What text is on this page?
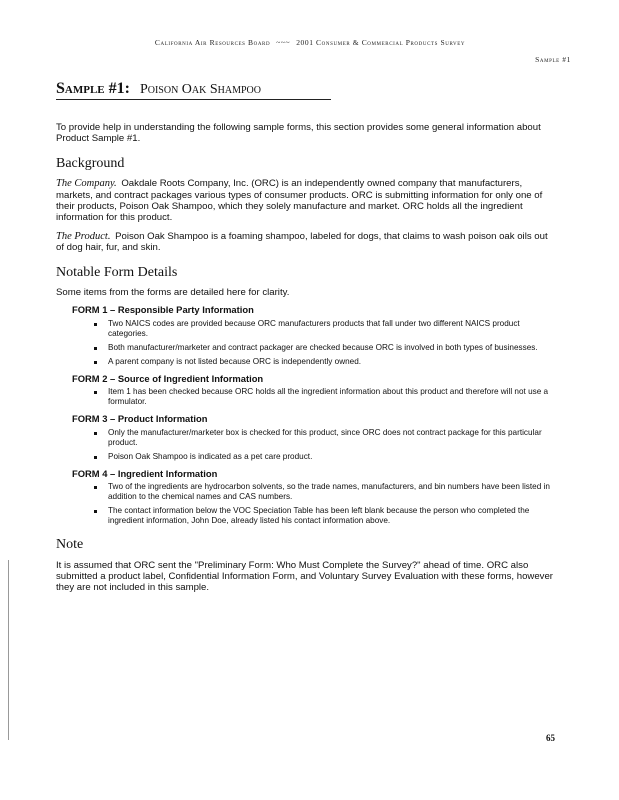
California Air Resources Board ~~~ 2001 Consumer & Commercial Products Survey
Sample #1
Sample #1: Poison Oak Shampoo

To provide help in understanding the following sample forms, this section provides some general information about Product Sample #1.

Background

The Company. Oakdale Roots Company, Inc. (ORC) is an independently owned company that manufacturers, markets, and contract packages various types of consumer products. ORC is submitting information for only one of their products, Poison Oak Shampoo, which they solely manufacture and market. ORC holds all the ingredient information for this product.

The Product. Poison Oak Shampoo is a foaming shampoo, labeled for dogs, that claims to wash poison oak oils out of dog hair, fur, and skin.

Notable Form Details

Some items from the forms are detailed here for clarity.

FORM 1 – Responsible Party Information
Two NAICS codes are provided because ORC manufacturers products that fall under two different NAICS product categories.
Both manufacturer/marketer and contract packager are checked because ORC is involved in both types of businesses.
A parent company is not listed because ORC is independently owned.
FORM 2 – Source of Ingredient Information
Item 1 has been checked because ORC holds all the ingredient information about this product and therefore will not use a formulator.
FORM 3 – Product Information
Only the manufacturer/marketer box is checked for this product, since ORC does not contract package for this particular product.
Poison Oak Shampoo is indicated as a pet care product.
FORM 4 – Ingredient Information
Two of the ingredients are hydrocarbon solvents, so the trade names, manufacturers, and bin numbers have been listed in addition to the chemical names and CAS numbers.
The contact information below the VOC Speciation Table has been left blank because the person who completed the ingredient information, John Doe, already listed his contact information above.
Note

It is assumed that ORC sent the "Preliminary Form: Who Must Complete the Survey?" ahead of time. ORC also submitted a product label, Confidential Information Form, and Voluntary Survey Evaluation with these forms, however they are not included in this sample.

65
